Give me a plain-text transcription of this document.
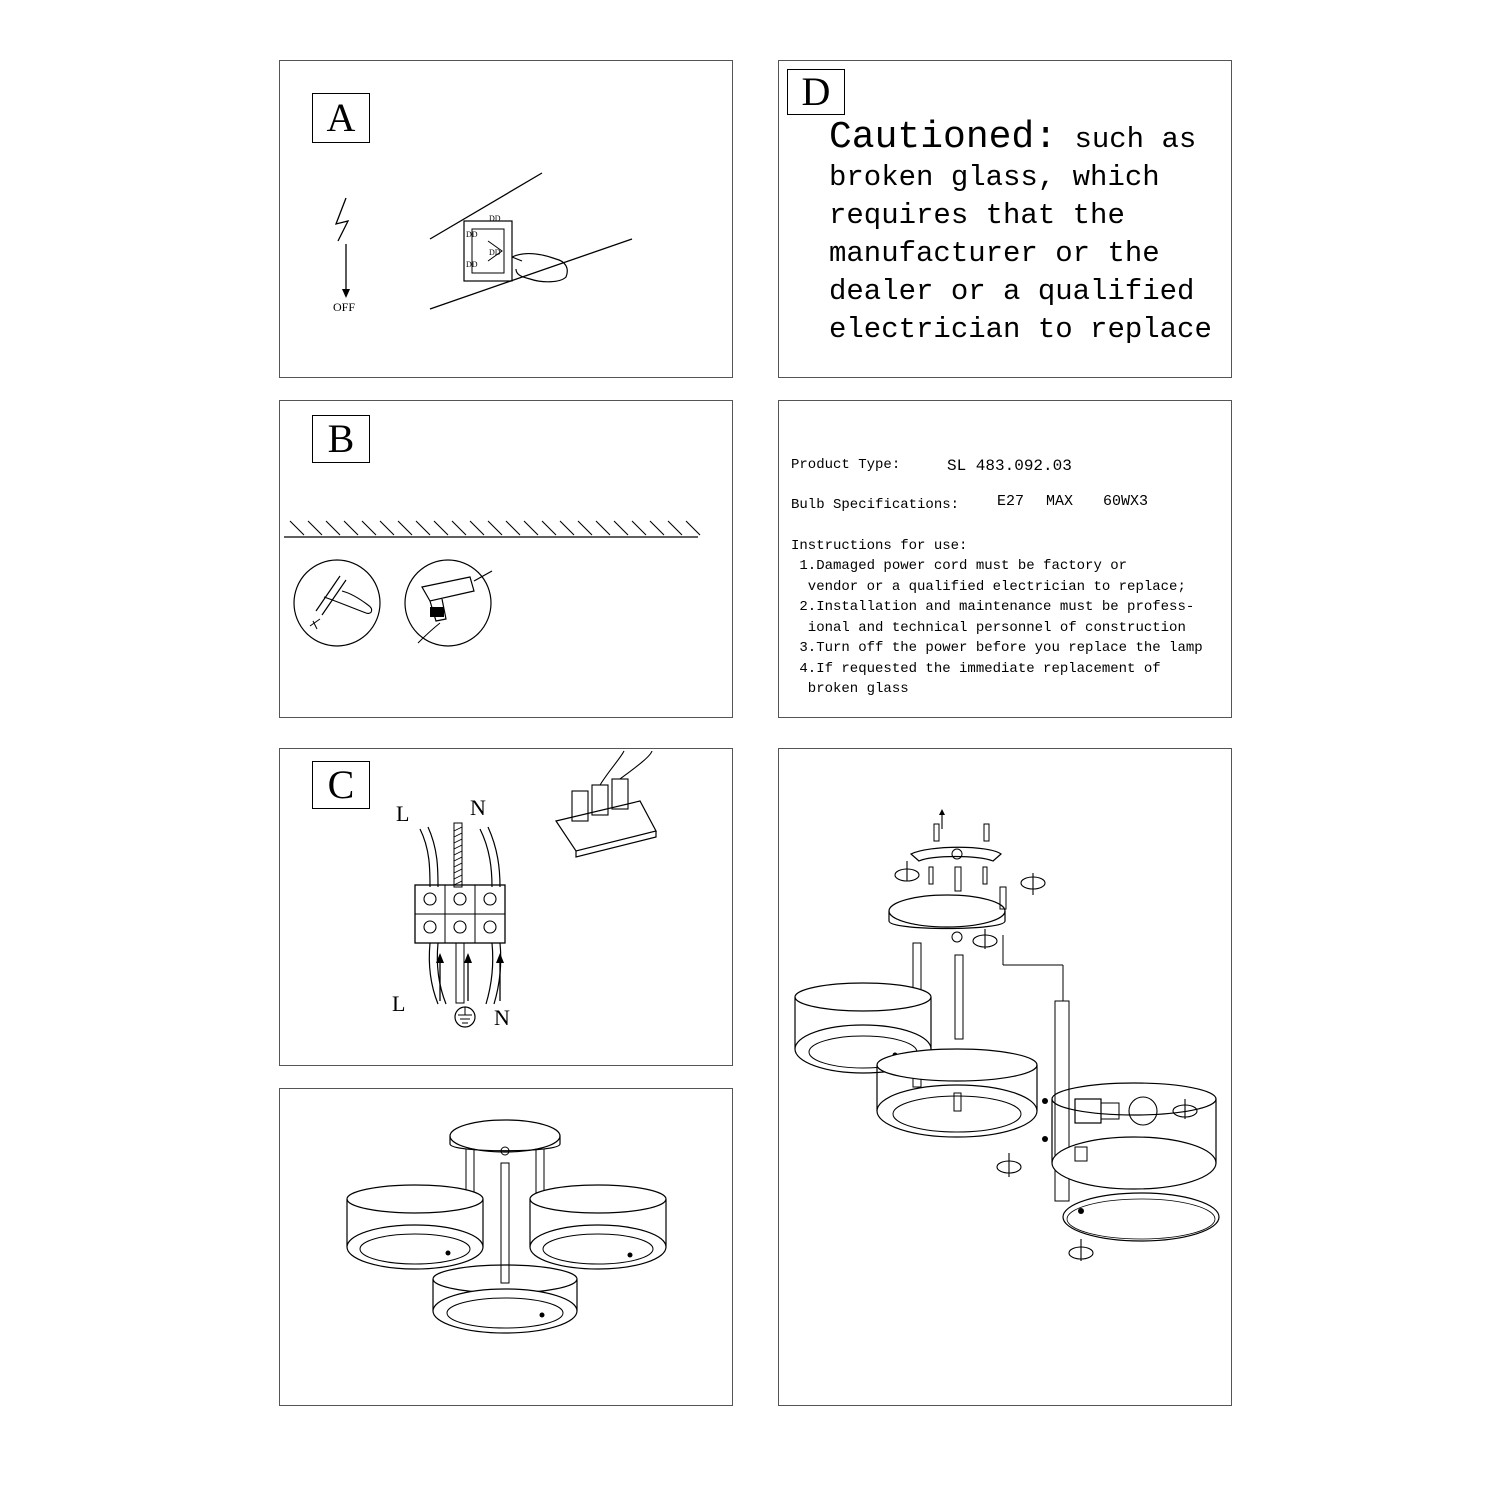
A
OFF
DD
DD
DD
DD
D
Cautioned: such as
broken glass, which
requires that the
manufacturer or the
dealer or a qualified
electrician to replace
B
Product Type:	SL 483.092.03
Bulb Specifications:	E27 MAX 60WX3
Instructions for use:
1.Damaged power cord must be factory or
vendor or a qualified electrician to replace;
2.Installation and maintenance must be profess-
ional and technical personnel of construction
3.Turn off the power before you replace the lamp
4.If requested the immediate replacement of
broken glass
C
L	N
L
N
